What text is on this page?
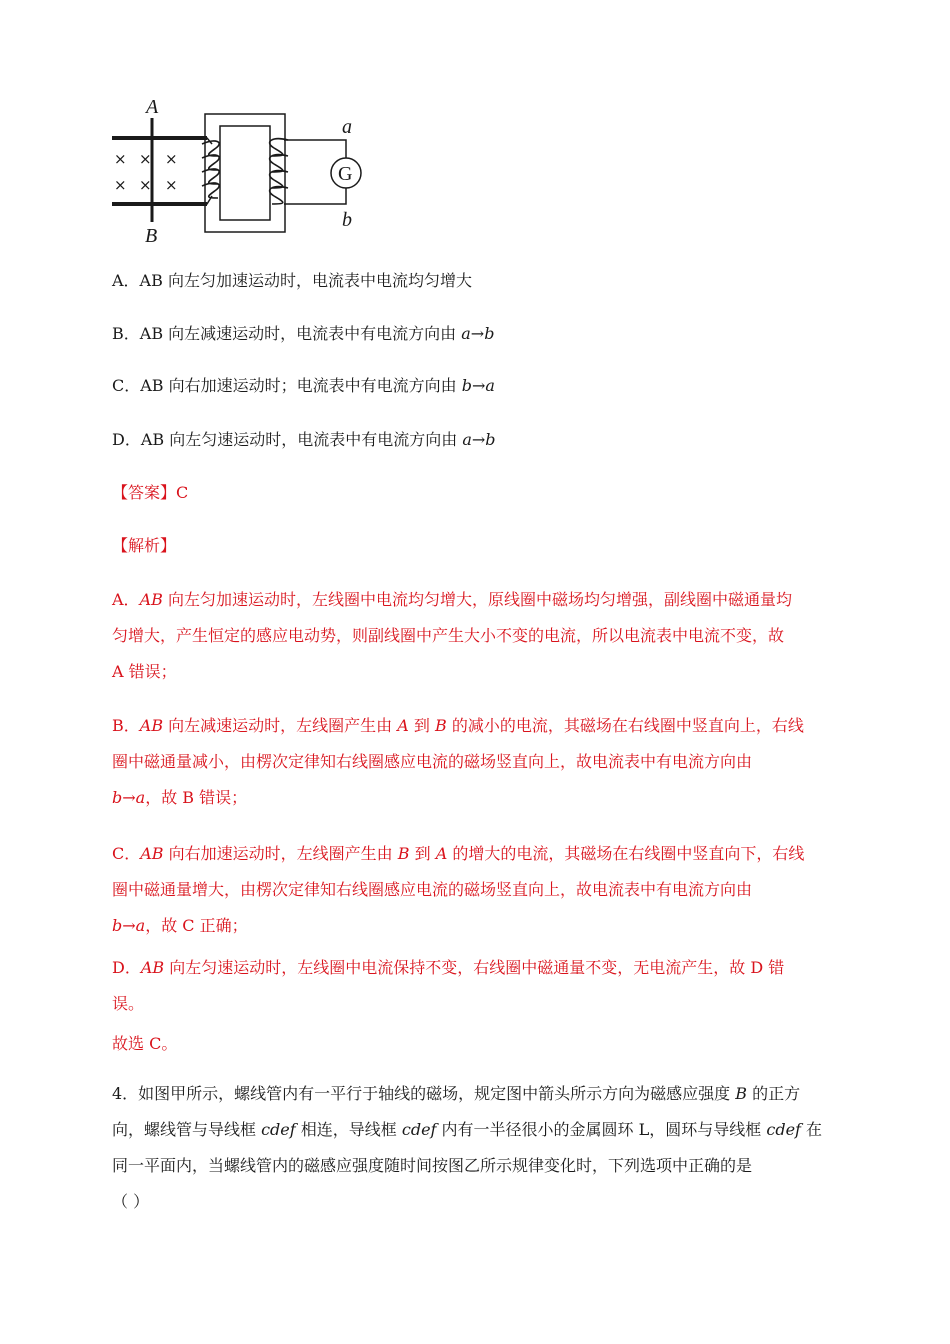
× × ×
× × ×	G
A
B
a
b
A．AB 向左匀加速运动时，电流表中电流均匀增大
B．AB 向左减速运动时，电流表中有电流方向由 a→b
C．AB 向右加速运动时；电流表中有电流方向由 b→a
D．AB 向左匀速运动时，电流表中有电流方向由 a→b
【答案】C
【解析】
A．AB 向左匀加速运动时，左线圈中电流均匀增大，原线圈中磁场均匀增强，副线圈中磁通量均
匀增大，产生恒定的感应电动势，则副线圈中产生大小不变的电流，所以电流表中电流不变，故
A 错误；
B．AB 向左减速运动时，左线圈产生由 A 到 B 的减小的电流，其磁场在右线圈中竖直向上，右线
圈中磁通量减小，由楞次定律知右线圈感应电流的磁场竖直向上，故电流表中有电流方向由
b→a，故 B 错误；
C．AB 向右加速运动时，左线圈产生由 B 到 A 的增大的电流，其磁场在右线圈中竖直向下，右线
圈中磁通量增大，由楞次定律知右线圈感应电流的磁场竖直向上，故电流表中有电流方向由
b→a，故 C 正确；
D．AB 向左匀速运动时，左线圈中电流保持不变，右线圈中磁通量不变，无电流产生，故 D 错
误。
故选 C。
4．如图甲所示，螺线管内有一平行于轴线的磁场，规定图中箭头所示方向为磁感应强度 B 的正方
向，螺线管与导线框 cdef 相连，导线框 cdef 内有一半径很小的金属圆环 L，圆环与导线框 cdef 在
同一平面内，当螺线管内的磁感应强度随时间按图乙所示规律变化时，下列选项中正确的是
（ ）
